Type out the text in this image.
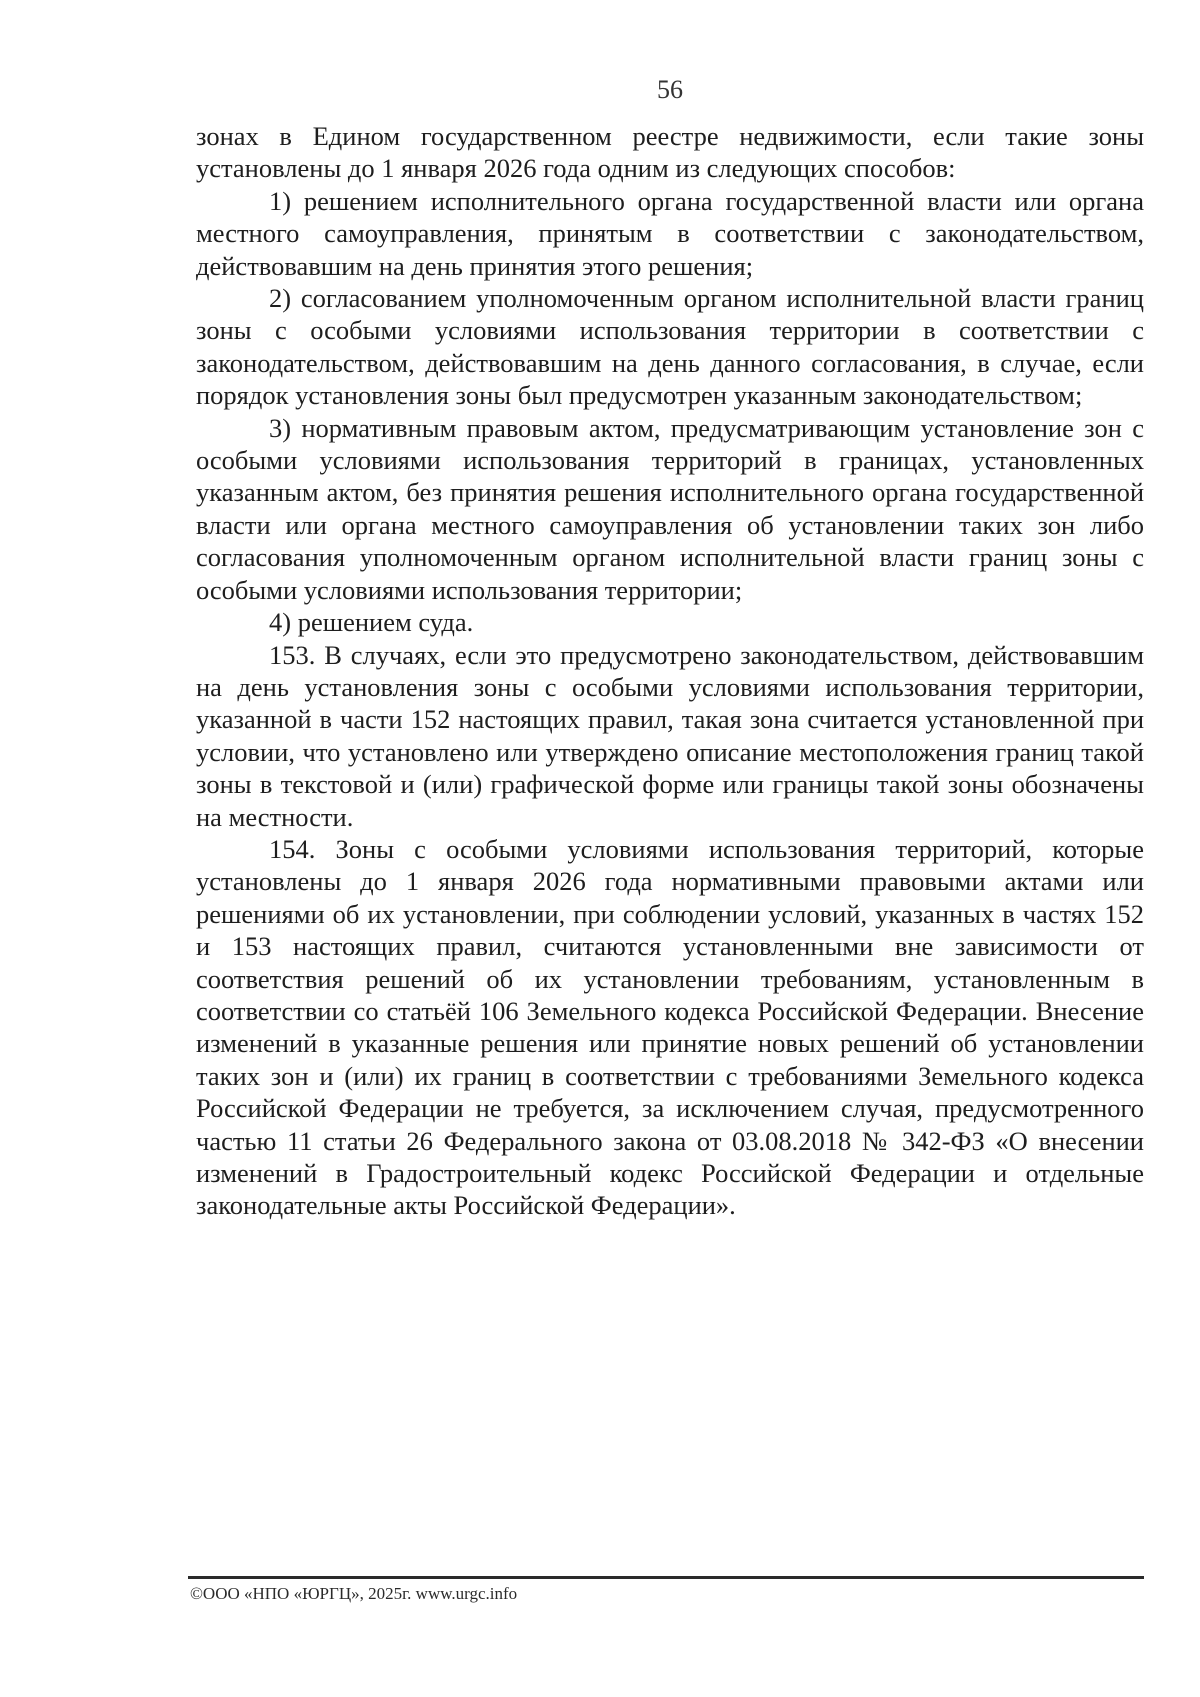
56

зонах в Едином государственном реестре недвижимости, если такие зоны установлены до 1 января 2026 года одним из следующих способов:

1) решением исполнительного органа государственной власти или органа местного самоуправления, принятым в соответствии с законодательством, действовавшим на день принятия этого решения;

2) согласованием уполномоченным органом исполнительной власти границ зоны с особыми условиями использования территории в соответствии с законодательством, действовавшим на день данного согласования, в случае, если порядок установления зоны был предусмотрен указанным законодательством;

3) нормативным правовым актом, предусматривающим установление зон с особыми условиями использования территорий в границах, установленных указанным актом, без принятия решения исполнительного органа государственной власти или органа местного самоуправления об установлении таких зон либо согласования уполномоченным органом исполнительной власти границ зоны с особыми условиями использования территории;

4) решением суда.

153. В случаях, если это предусмотрено законодательством, действовавшим на день установления зоны с особыми условиями использования территории, указанной в части 152 настоящих правил, такая зона считается установленной при условии, что установлено или утверждено описание местоположения границ такой зоны в текстовой и (или) графической форме или границы такой зоны обозначены на местности.

154. Зоны с особыми условиями использования территорий, которые установлены до 1 января 2026 года нормативными правовыми актами или решениями об их установлении, при соблюдении условий, указанных в частях 152 и 153 настоящих правил, считаются установленными вне зависимости от соответствия решений об их установлении требованиям, установленным в соответствии со статьёй 106 Земельного кодекса Российской Федерации. Внесение изменений в указанные решения или принятие новых решений об установлении таких зон и (или) их границ в соответствии с требованиями Земельного кодекса Российской Федерации не требуется, за исключением случая, предусмотренного частью 11 статьи 26 Федерального закона от 03.08.2018 № 342-ФЗ «О внесении изменений в Градостроительный кодекс Российской Федерации и отдельные законодательные акты Российской Федерации».

©ООО «НПО «ЮРГЦ», 2025г. www.urgc.info
